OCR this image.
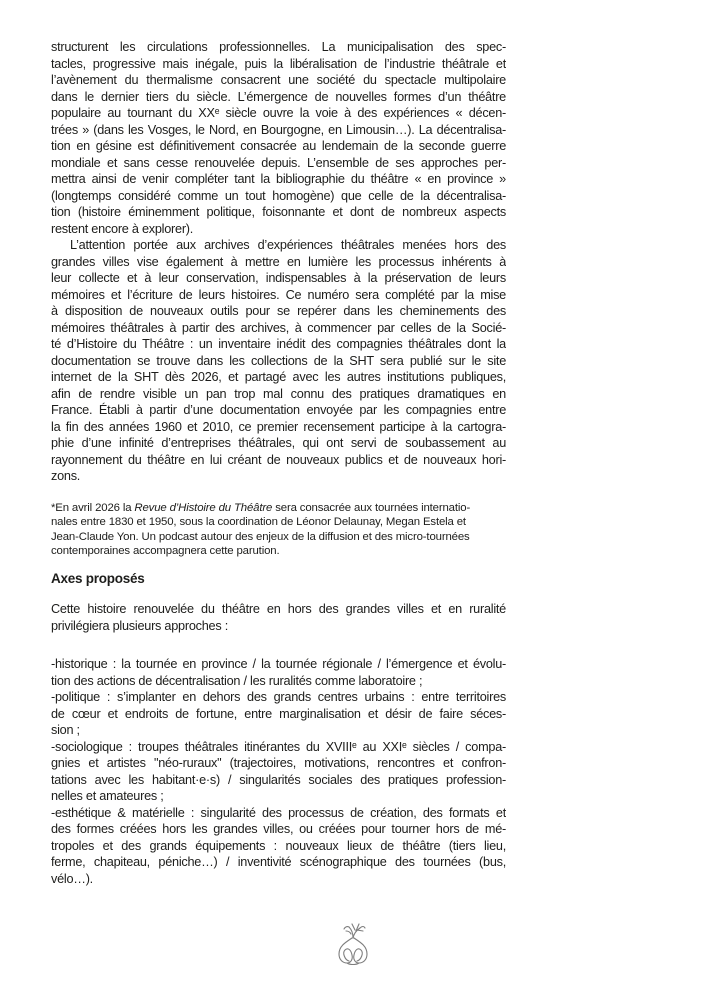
structurent les circulations professionnelles. La municipalisation des spec-
tacles, progressive mais inégale, puis la libéralisation de l’industrie théâtrale et
l’avènement du thermalisme consacrent une société du spectacle multipolaire
dans le dernier tiers du siècle. L’émergence de nouvelles formes d’un théâtre
populaire au tournant du XXᵉ siècle ouvre la voie à des expériences « décen-
trées » (dans les Vosges, le Nord, en Bourgogne, en Limousin…). La décentralisa-
tion en gésine est définitivement consacrée au lendemain de la seconde guerre
mondiale et sans cesse renouvelée depuis. L’ensemble de ses approches per-
mettra ainsi de venir compléter tant la bibliographie du théâtre « en province »
(longtemps considéré comme un tout homogène) que celle de la décentralisa-
tion (histoire éminemment politique, foisonnante et dont de nombreux aspects
restent encore à explorer).
L’attention portée aux archives d’expériences théâtrales menées hors des
grandes villes vise également à mettre en lumière les processus inhérents à
leur collecte et à leur conservation, indispensables à la préservation de leurs
mémoires et l’écriture de leurs histoires. Ce numéro sera complété par la mise
à disposition de nouveaux outils pour se repérer dans les cheminements des
mémoires théâtrales à partir des archives, à commencer par celles de la Socié-
té d’Histoire du Théâtre : un inventaire inédit des compagnies théâtrales dont la
documentation se trouve dans les collections de la SHT sera publié sur le site
internet de la SHT dès 2026, et partagé avec les autres institutions publiques,
afin de rendre visible un pan trop mal connu des pratiques dramatiques en
France. Établi à partir d’une documentation envoyée par les compagnies entre
la fin des années 1960 et 2010, ce premier recensement participe à la cartogra-
phie d’une infinité d’entreprises théâtrales, qui ont servi de soubassement au
rayonnement du théâtre en lui créant de nouveaux publics et de nouveaux hori-
zons.
*En avril 2026 la Revue d’Histoire du Théâtre sera consacrée aux tournées internatio-
nales entre 1830 et 1950, sous la coordination de Léonor Delaunay, Megan Estela et
Jean-Claude Yon. Un podcast autour des enjeux de la diffusion et des micro-tournées
contemporaines accompagnera cette parution.
Axes proposés
Cette histoire renouvelée du théâtre en hors des grandes villes et en ruralité
privilégiera plusieurs approches :
-historique : la tournée en province / la tournée régionale / l’émergence et évolu-
tion des actions de décentralisation / les ruralités comme laboratoire ;
-politique : s’implanter en dehors des grands centres urbains : entre territoires
de cœur et endroits de fortune, entre marginalisation et désir de faire séces-
sion ;
-sociologique : troupes théâtrales itinérantes du XVIIIᵉ au XXIᵉ siècles / compa-
gnies et artistes "néo-ruraux" (trajectoires, motivations, rencontres et confron-
tations avec les habitant·e·s) / singularités sociales des pratiques profession-
nelles et amateures ;
-esthétique & matérielle : singularité des processus de création, des formats et
des formes créées hors les grandes villes, ou créées pour tourner hors de mé-
tropoles et des grands équipements : nouveaux lieux de théâtre (tiers lieu,
ferme, chapiteau, péniche…) / inventivité scénographique des tournées (bus,
vélo…).
